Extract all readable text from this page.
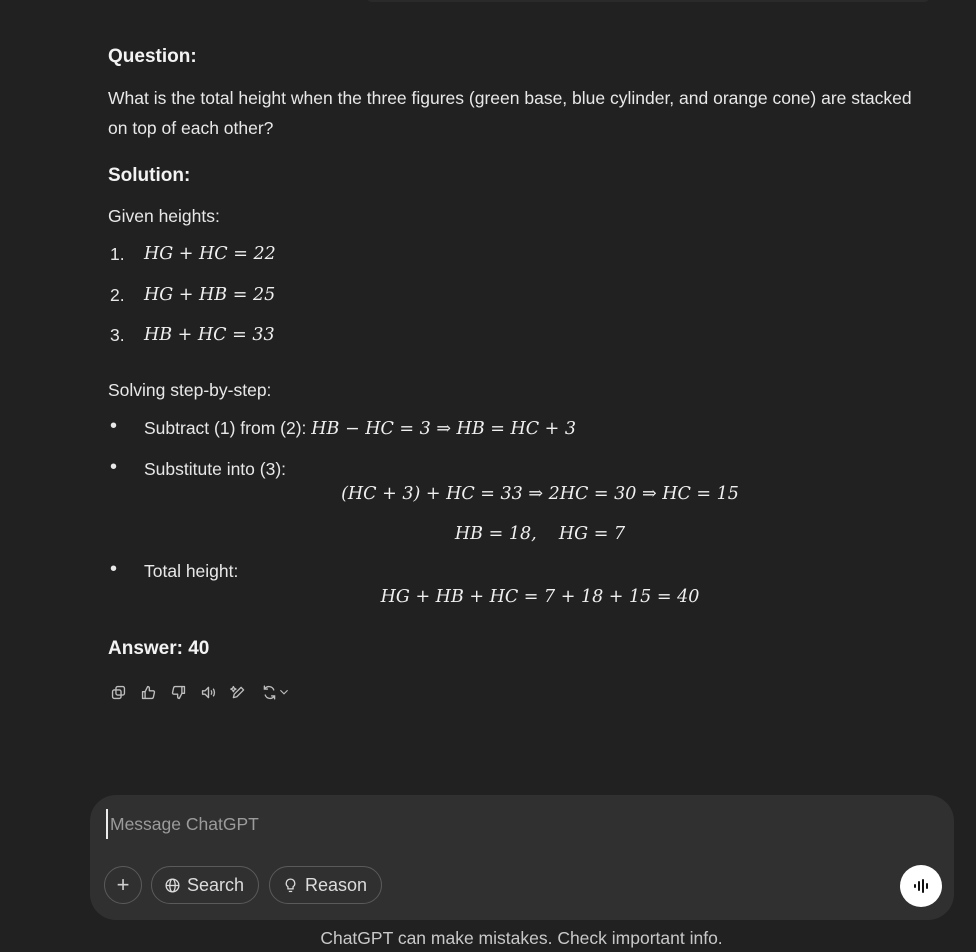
Question:
What is the total height when the three figures (green base, blue cylinder, and orange cone) are stacked on top of each other?
Solution:
Given heights:
1.	HG + HC = 22
2.	HG + HB = 25
3.	HB + HC = 33
Solving step-by-step:
• Subtract (1) from (2): HB − HC = 3 ⇒ HB = HC + 3
• Substitute into (3):
(HC + 3) + HC = 33 ⇒ 2HC = 30 ⇒ HC = 15
HB = 18,    HG = 7
• Total height:
HG + HB + HC = 7 + 18 + 15 = 40
Answer: 40
Message ChatGPT
+	Search	Reason
ChatGPT can make mistakes. Check important info.
